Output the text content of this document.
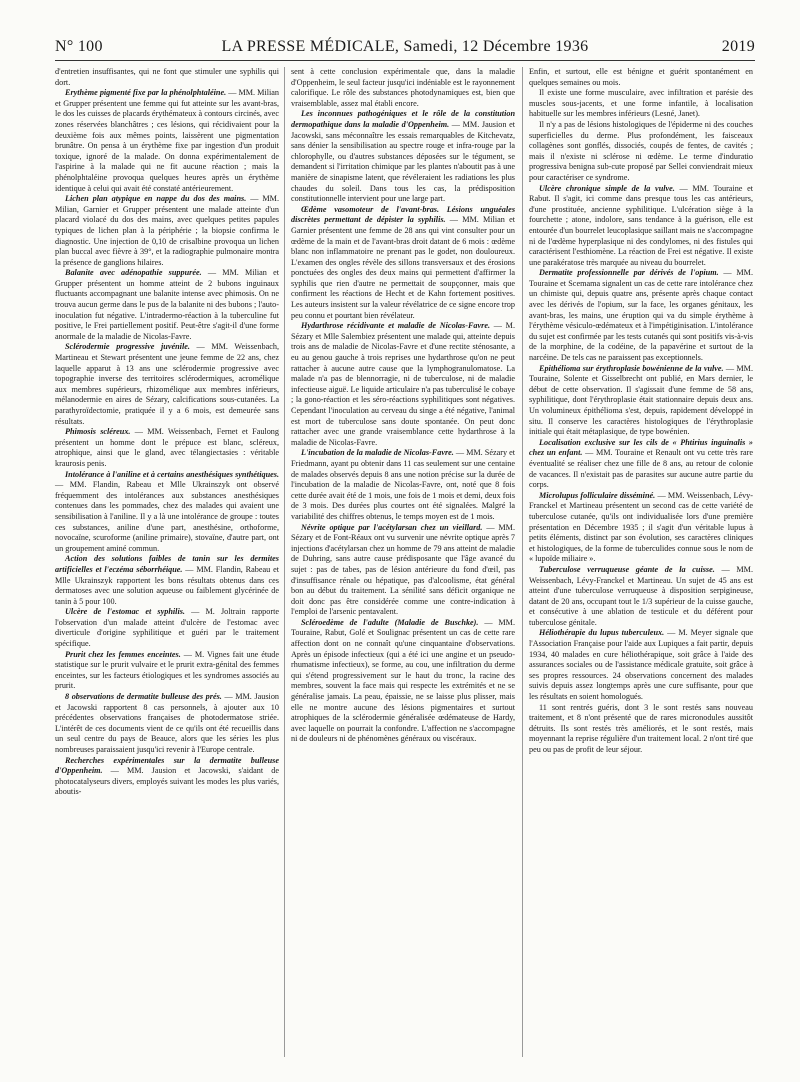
N° 100	LA PRESSE MÉDICALE, Samedi, 12 Décembre 1936	2019

d'entretien insuffisantes, qui ne font que stimuler une syphilis qui dort.

Erythème pigmenté fixe par la phénolphtaléine. — MM. Milian et Grupper présentent une femme qui fut atteinte sur les avant-bras, le dos les cuisses de placards érythémateux à contours circinés, avec zones réservées blanchâtres ; ces lésions, qui récidivaient pour la deuxième fois aux mêmes points, laissèrent une pigmentation brunâtre. On pensa à un érythème fixe par ingestion d'un produit toxique, ignoré de la malade. On donna expérimentalement de l'aspirine à la malade qui ne fit aucune réaction ; mais la phénolphtaléine provoqua quelques heures après un érythème identique à celui qui avait été constaté antérieurement.

Lichen plan atypique en nappe du dos des mains. — MM. Milian, Garnier et Grupper présentent une malade atteinte d'un placard violacé du dos des mains, avec quelques petites papules typiques de lichen plan à la périphérie ; la biopsie confirma le diagnostic. Une injection de 0,10 de crisalbine provoqua un lichen plan buccal avec fièvre à 39°, et la radiographie pulmonaire montra la présence de ganglions hilaires.

Balanite avec adénopathie suppurée. — MM. Milian et Grupper présentent un homme atteint de 2 bubons inguinaux fluctuants accompagnant une balanite intense avec phimosis. On ne trouva aucun germe dans le pus de la balanite ni des bubons ; l'auto-inoculation fut négative. L'intradermo-réaction à la tuberculine fut positive, le Frei partiellement positif. Peut-être s'agit-il d'une forme anormale de la maladie de Nicolas-Favre.

Sclérodermie progressive juvénile. — MM. Weissenbach, Martineau et Stewart présentent une jeune femme de 22 ans, chez laquelle apparut à 13 ans une sclérodermie progressive avec topographie inverse des territoires sclérodermiques, acromélique aux membres supérieurs, rhizomélique aux membres inférieurs, mélanodermie en aires de Sézary, calcifications sous-cutanées. La parathyroïdectomie, pratiquée il y a 6 mois, est demeurée sans résultats.

Phimosis scléreux. — MM. Weissenbach, Fernet et Faulong présentent un homme dont le prépuce est blanc, scléreux, atrophique, ainsi que le gland, avec télangiectasies : véritable kraurosis penis.

Intolérance à l'aniline et à certains anesthésiques synthétiques. — MM. Flandin, Rabeau et Mlle Ukrainszyk ont observé fréquemment des intolérances aux substances anesthésiques contenues dans les pommades, chez des malades qui avaient une sensibilisation à l'aniline. Il y a là une intolérance de groupe : toutes ces substances, aniline d'une part, anesthésine, orthoforme, novocaïne, scuroforme (aniline primaire), stovaïne, d'autre part, ont un groupement aminé commun.

Action des solutions faibles de tanin sur les dermites artificielles et l'eczéma séborrhéique. — MM. Flandin, Rabeau et Mlle Ukrainszyk rapportent les bons résultats obtenus dans ces dermatoses avec une solution aqueuse ou faiblement glycérinée de tanin à 5 pour 100.

Ulcère de l'estomac et syphilis. — M. Joltrain rapporte l'observation d'un malade atteint d'ulcère de l'estomac avec diverticule d'origine syphilitique et guéri par le traitement spécifique.

Prurit chez les femmes enceintes. — M. Vignes fait une étude statistique sur le prurit vulvaire et le prurit extra-génital des femmes enceintes, sur les facteurs étiologiques et les syndromes associés au prurit.

8 observations de dermatite bulleuse des prés. — MM. Jausion et Jacowski rapportent 8 cas personnels, à ajouter aux 10 précédentes observations françaises de photodermatose striée. L'intérêt de ces documents vient de ce qu'ils ont été recueillis dans un seul centre du pays de Beauce, alors que les séries les plus nombreuses paraissaient jusqu'ici revenir à l'Europe centrale.

Recherches expérimentales sur la dermatite bulleuse d'Oppenheim. — MM. Jausion et Jacowski, s'aidant de photocatalyseurs divers, employés suivant les modes les plus variés, aboutis-

sent à cette conclusion expérimentale que, dans la maladie d'Oppenheim, le seul facteur jusqu'ici indéniable est le rayonnement calorifique. Le rôle des substances photodynamiques est, bien que vraisemblable, assez mal établi encore.

Les inconnues pathogéniques et le rôle de la constitution dermopathique dans la maladie d'Oppenheim. — MM. Jausion et Jacowski, sans méconnaître les essais remarquables de Kitchevatz, sans dénier la sensibilisation au spectre rouge et infra-rouge par la chlorophylle, ou d'autres substances déposées sur le tégument, se demandent si l'irritation chimique par les plantes n'aboutit pas à une manière de sinapisme latent, que révéleraient les radiations les plus chaudes du soleil. Dans tous les cas, la prédisposition constitutionnelle intervient pour une large part.

Œdème vasomoteur de l'avant-bras. Lésions unguéales discrètes permettant de dépister la syphilis. — MM. Milian et Garnier présentent une femme de 28 ans qui vint consulter pour un œdème de la main et de l'avant-bras droit datant de 6 mois : œdème blanc non inflammatoire ne prenant pas le godet, non douloureux. L'examen des ongles révèle des sillons transversaux et des érosions ponctuées des ongles des deux mains qui permettent d'affirmer la syphilis que rien d'autre ne permettait de soupçonner, mais que confirment les réactions de Hecht et de Kahn fortement positives. Les auteurs insistent sur la valeur révélatrice de ce signe encore trop peu connu et pourtant bien révélateur.

Hydarthrose récidivante et maladie de Nicolas-Favre. — M. Sézary et Mlle Salembiez présentent une malade qui, atteinte depuis trois ans de maladie de Nicolas-Favre et d'une rectite sténosante, a eu au genou gauche à trois reprises une hydarthrose qu'on ne peut rattacher à aucune autre cause que la lymphogranulomatose. La malade n'a pas de blennorragie, ni de tuberculose, ni de maladie infectieuse aiguë. Le liquide articulaire n'a pas tuberculisé le cobaye ; la gono-réaction et les séro-réactions syphilitiques sont négatives. Cependant l'inoculation au cerveau du singe a été négative, l'animal est mort de tuberculose sans doute spontanée. On peut donc rattacher avec une grande vraisemblance cette hydarthrose à la maladie de Nicolas-Favre.

L'incubation de la maladie de Nicolas-Favre. — MM. Sézary et Friedmann, ayant pu obtenir dans 11 cas seulement sur une centaine de malades observés depuis 8 ans une notion précise sur la durée de l'incubation de la maladie de Nicolas-Favre, ont, noté que 8 fois cette durée avait été de 1 mois, une fois de 1 mois et demi, deux fois de 3 mois. Des durées plus courtes ont été signalées. Malgré la variabilité des chiffres obtenus, le temps moyen est de 1 mois.

Névrite optique par l'acétylarsan chez un vieillard. — MM. Sézary et de Font-Réaux ont vu survenir une névrite optique après 7 injections d'acétylarsan chez un homme de 79 ans atteint de maladie de Duhring, sans autre cause prédisposante que l'âge avancé du sujet : pas de tabes, pas de lésion antérieure du fond d'œil, pas d'insuffisance rénale ou hépatique, pas d'alcoolisme, état général bon au début du traitement. La sénilité sans déficit organique ne doit donc pas être considérée comme une contre-indication à l'emploi de l'arsenic pentavalent.

Scléroedème de l'adulte (Maladie de Buschke). — MM. Touraine, Rabut, Golé et Soulignac présentent un cas de cette rare affection dont on ne connaît qu'une cinquantaine d'observations. Après un épisode infectieux (qui a été ici une angine et un pseudo-rhumatisme infectieux), se forme, au cou, une infiltration du derme qui s'étend progressivement sur le haut du tronc, la racine des membres, souvent la face mais qui respecte les extrémités et ne se généralise jamais. La peau, épaissie, ne se laisse plus plisser, mais elle ne montre aucune des lésions pigmentaires et surtout atrophiques de la sclérodermie généralisée œdémateuse de Hardy, avec laquelle on pourrait la confondre. L'affection ne s'accompagne ni de douleurs ni de phénomènes généraux ou viscéraux.

Enfin, et surtout, elle est bénigne et guérit spontanément en quelques semaines ou mois.

Il existe une forme musculaire, avec infiltration et parésie des muscles sous-jacents, et une forme infantile, à localisation habituelle sur les membres inférieurs (Lesné, Janet).

Il n'y a pas de lésions histologiques de l'épiderme ni des couches superficielles du derme. Plus profondément, les faisceaux collagènes sont gonflés, dissociés, coupés de fentes, de cavités ; mais il n'existe ni sclérose ni œdème. Le terme d'induratio progressiva benigna sub-cute proposé par Sellei conviendrait mieux pour caractériser ce syndrome.

Ulcère chronique simple de la vulve. — MM. Touraine et Rabut. Il s'agit, ici comme dans presque tous les cas antérieurs, d'une prostituée, ancienne syphilitique. L'ulcération siège à la fourchette ; atone, indolore, sans tendance à la guérison, elle est entourée d'un bourrelet leucoplasique saillant mais ne s'accompagne ni de l'œdème hyperplasique ni des condylomes, ni des fistules qui caractérisent l'esthiomène. La réaction de Frei est négative. Il existe une parakératose très marquée au niveau du bourrelet.

Dermatite professionnelle par dérivés de l'opium. — MM. Touraine et Scemama signalent un cas de cette rare intolérance chez un chimiste qui, depuis quatre ans, présente après chaque contact avec les dérivés de l'opium, sur la face, les organes génitaux, les avant-bras, les mains, une éruption qui va du simple érythème à l'érythème vésiculo-œdémateux et à l'impétiginisation. L'intolérance du sujet est confirmée par les tests cutanés qui sont positifs vis-à-vis de la morphine, de la codéine, de la papavérine et surtout de la narcéine. De tels cas ne paraissent pas exceptionnels.

Epithélioma sur érythroplasie bowénienne de la vulve. — MM. Touraine, Solente et Gisselbrecht ont publié, en Mars dernier, le début de cette observation. Il s'agissait d'une femme de 58 ans, syphilitique, dont l'érythroplasie était stationnaire depuis deux ans. Un volumineux épithélioma s'est, depuis, rapidement développé in situ. Il conserve les caractères histologiques de l'érythroplasie initiale qui était métaplasique, de type bowénien.

Localisation exclusive sur les cils de « Phtirius inguinalis » chez un enfant. — MM. Touraine et Renault ont vu cette très rare éventualité se réaliser chez une fille de 8 ans, au retour de colonie de vacances. Il n'existait pas de parasites sur aucune autre partie du corps.

Microlupus folliculaire disséminé. — MM. Weissenbach, Lévy-Franckel et Martineau présentent un second cas de cette variété de tuberculose cutanée, qu'ils ont individualisée lors d'une première présentation en Décembre 1935 ; il s'agit d'un véritable lupus à petits éléments, distinct par son évolution, ses caractères cliniques et histologiques, de la forme de tuberculides connue sous le nom de « lupoïde miliaire ».

Tuberculose verruqueuse géante de la cuisse. — MM. Weissenbach, Lévy-Franckel et Martineau. Un sujet de 45 ans est atteint d'une tuberculose verruqueuse à disposition serpigineuse, datant de 20 ans, occupant tout le 1/3 supérieur de la cuisse gauche, et consécutive à une ablation de testicule et du déférent pour tuberculose génitale.

Héliothérapie du lupus tuberculeux. — M. Meyer signale que l'Association Française pour l'aide aux Lupiques a fait partir, depuis 1934, 40 malades en cure héliothérapique, soit grâce à l'aide des assurances sociales ou de l'assistance médicale gratuite, soit grâce à ses propres ressources. 24 observations concernent des malades suivis depuis assez longtemps après une cure suffisante, pour que les résultats en soient homologués.

11 sont rentrés guéris, dont 3 le sont restés sans nouveau traitement, et 8 n'ont présenté que de rares micronodules aussitôt détruits. Ils sont restés très améliorés, et le sont restés, mais moyennant la reprise régulière d'un traitement local. 2 n'ont tiré que peu ou pas de profit de leur séjour.
